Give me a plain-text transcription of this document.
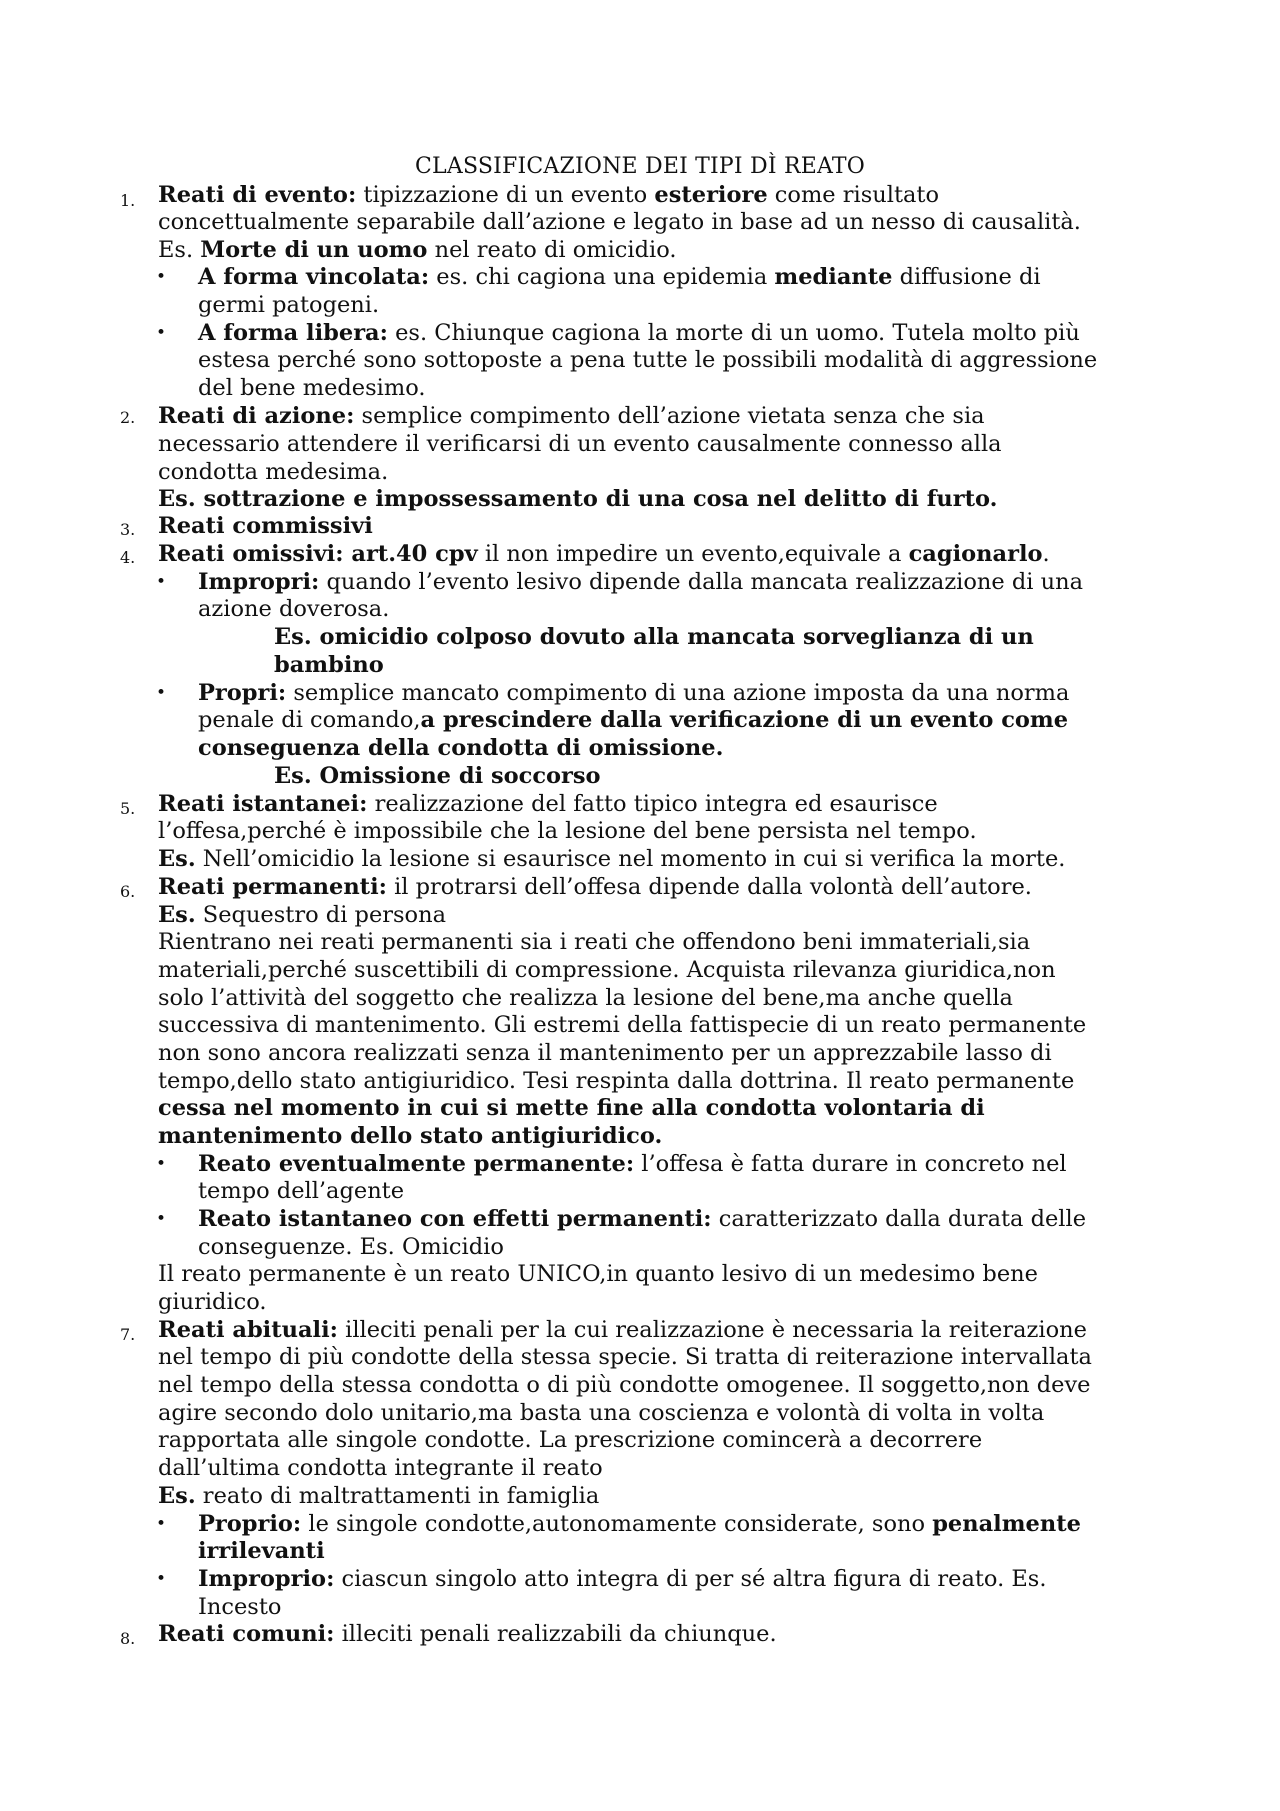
CLASSIFICAZIONE DEI TIPI DÌ REATO
1. Reati di evento: tipizzazione di un evento esteriore come risultato
concettualmente separabile dall’azione e legato in base ad un nesso di causalità.
Es. Morte di un uomo nel reato di omicidio.
• A forma vincolata: es. chi cagiona una epidemia mediante diffusione di
germi patogeni.
• A forma libera: es. Chiunque cagiona la morte di un uomo. Tutela molto più
estesa perché sono sottoposte a pena tutte le possibili modalità di aggressione
del bene medesimo.
2. Reati di azione: semplice compimento dell’azione vietata senza che sia
necessario attendere il verificarsi di un evento causalmente connesso alla
condotta medesima.
Es. sottrazione e impossessamento di una cosa nel delitto di furto.
3. Reati commissivi
4. Reati omissivi: art.40 cpv il non impedire un evento,equivale a cagionarlo.
• Impropri: quando l’evento lesivo dipende dalla mancata realizzazione di una
azione doverosa.
Es. omicidio colposo dovuto alla mancata sorveglianza di un
bambino
• Propri: semplice mancato compimento di una azione imposta da una norma
penale di comando,a prescindere dalla verificazione di un evento come
conseguenza della condotta di omissione.
Es. Omissione di soccorso
5. Reati istantanei: realizzazione del fatto tipico integra ed esaurisce
l’offesa,perché è impossibile che la lesione del bene persista nel tempo.
Es. Nell’omicidio la lesione si esaurisce nel momento in cui si verifica la morte.
6. Reati permanenti: il protrarsi dell’offesa dipende dalla volontà dell’autore.
Es. Sequestro di persona
Rientrano nei reati permanenti sia i reati che offendono beni immateriali,sia
materiali,perché suscettibili di compressione. Acquista rilevanza giuridica,non
solo l’attività del soggetto che realizza la lesione del bene,ma anche quella
successiva di mantenimento. Gli estremi della fattispecie di un reato permanente
non sono ancora realizzati senza il mantenimento per un apprezzabile lasso di
tempo,dello stato antigiuridico. Tesi respinta dalla dottrina. Il reato permanente
cessa nel momento in cui si mette fine alla condotta volontaria di
mantenimento dello stato antigiuridico.
• Reato eventualmente permanente: l’offesa è fatta durare in concreto nel
tempo dell’agente
• Reato istantaneo con effetti permanenti: caratterizzato dalla durata delle
conseguenze. Es. Omicidio
Il reato permanente è un reato UNICO,in quanto lesivo di un medesimo bene
giuridico.
7. Reati abituali: illeciti penali per la cui realizzazione è necessaria la reiterazione
nel tempo di più condotte della stessa specie. Si tratta di reiterazione intervallata
nel tempo della stessa condotta o di più condotte omogenee. Il soggetto,non deve
agire secondo dolo unitario,ma basta una coscienza e volontà di volta in volta
rapportata alle singole condotte. La prescrizione comincerà a decorrere
dall’ultima condotta integrante il reato
Es. reato di maltrattamenti in famiglia
• Proprio: le singole condotte,autonomamente considerate, sono penalmente
irrilevanti
• Improprio: ciascun singolo atto integra di per sé altra figura di reato. Es.
Incesto
8. Reati comuni: illeciti penali realizzabili da chiunque.
